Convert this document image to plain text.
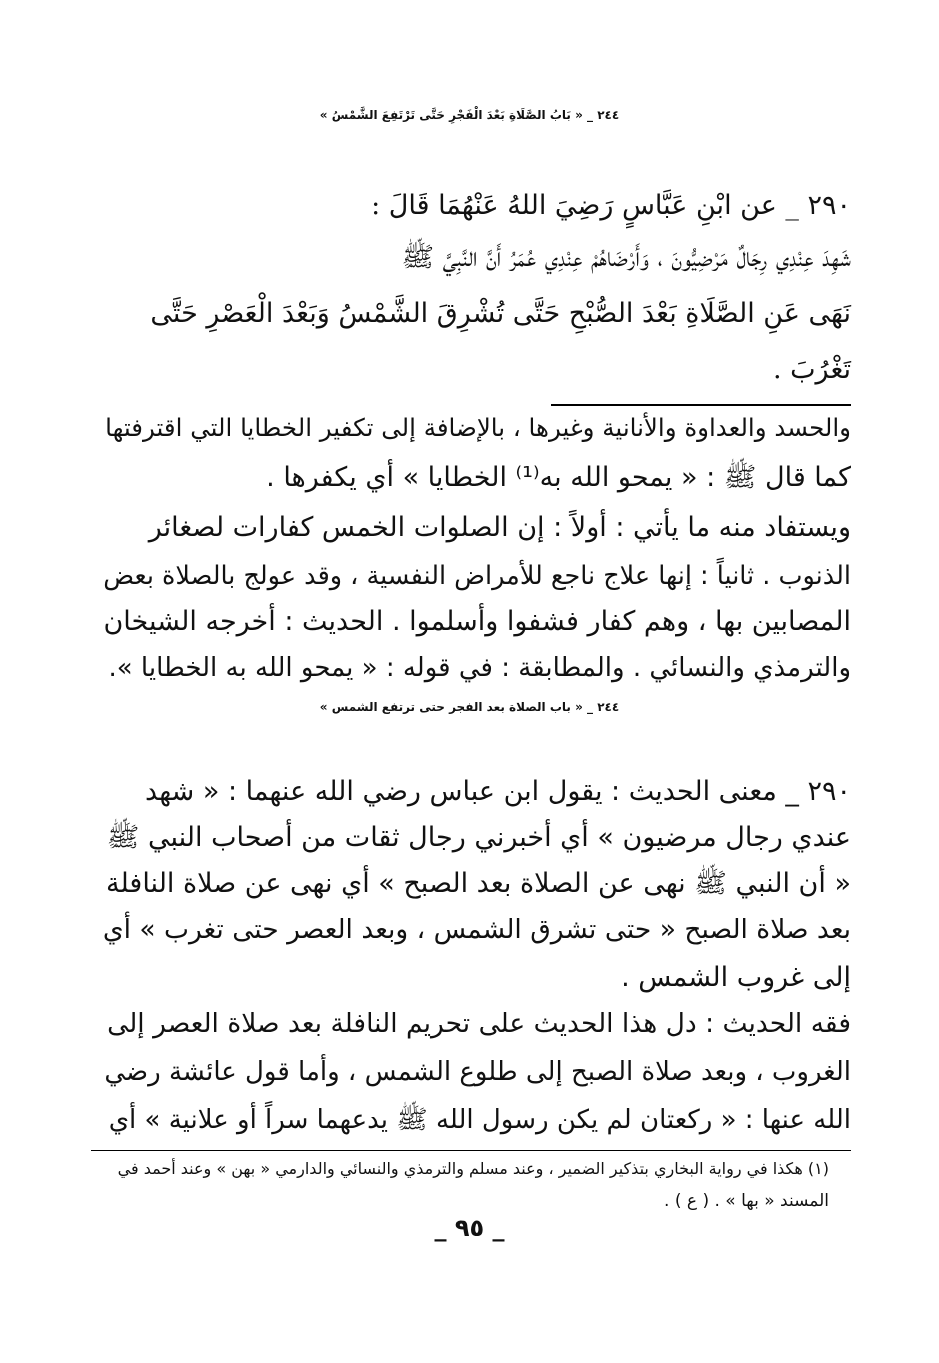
٢٤٤ _ « بَابُ الصَّلَاةِ بَعْدَ الْفَجْرِ حَتَّى تَرْتَفِعَ الشَّمْسُ »
٢٩٠ _ عن ابْنِ عَبَّاسٍ رَضِيَ اللهُ عَنْهُمَا قَالَ :
شَهِدَ عِنْدِي رِجَالٌ مَرْضِيُّونَ ، وَأَرْضَاهُمْ عِنْدِي عُمَرُ أَنَّ النَّبِيَّ ﷺ
نَهَى عَنِ الصَّلَاةِ بَعْدَ الصُّبْحِ حَتَّى تُشْرِقَ الشَّمْسُ وَبَعْدَ الْعَصْرِ حَتَّى
تَغْرُبَ .
والحسد والعداوة والأنانية وغيرها ، بالإضافة إلى تكفير الخطايا التي اقترفتها
كما قال ﷺ : « يمحو الله به⁽¹⁾ الخطايا » أي يكفرها .
ويستفاد منه ما يأتي : أولاً : إن الصلوات الخمس كفارات لصغائر
الذنوب . ثانياً : إنها علاج ناجع للأمراض النفسية ، وقد عولج بالصلاة بعض
المصابين بها ، وهم كفار فشفوا وأسلموا . الحديث : أخرجه الشيخان
والترمذي والنسائي . والمطابقة : في قوله : « يمحو الله به الخطايا ».
٢٤٤ _ « باب الصلاة بعد الفجر حتى ترتفع الشمس »
٢٩٠ _ معنى الحديث : يقول ابن عباس رضي الله عنهما : « شهد
عندي رجال مرضيون » أي أخبرني رجال ثقات من أصحاب النبي ﷺ
« أن النبي ﷺ نهى عن الصلاة بعد الصبح » أي نهى عن صلاة النافلة
بعد صلاة الصبح « حتى تشرق الشمس ، وبعد العصر حتى تغرب » أي
إلى غروب الشمس .
فقه الحديث : دل هذا الحديث على تحريم النافلة بعد صلاة العصر إلى
الغروب ، وبعد صلاة الصبح إلى طلوع الشمس ، وأما قول عائشة رضي
الله عنها : « ركعتان لم يكن رسول الله ﷺ يدعهما سراً أو علانية » أي
(١) هكذا في رواية البخاري بتذكير الضمير ، وعند مسلم والترمذي والنسائي والدارمي « بهن » وعند أحمد في
المسند « بها » . ( ع ) .
_ ٩٥ _
